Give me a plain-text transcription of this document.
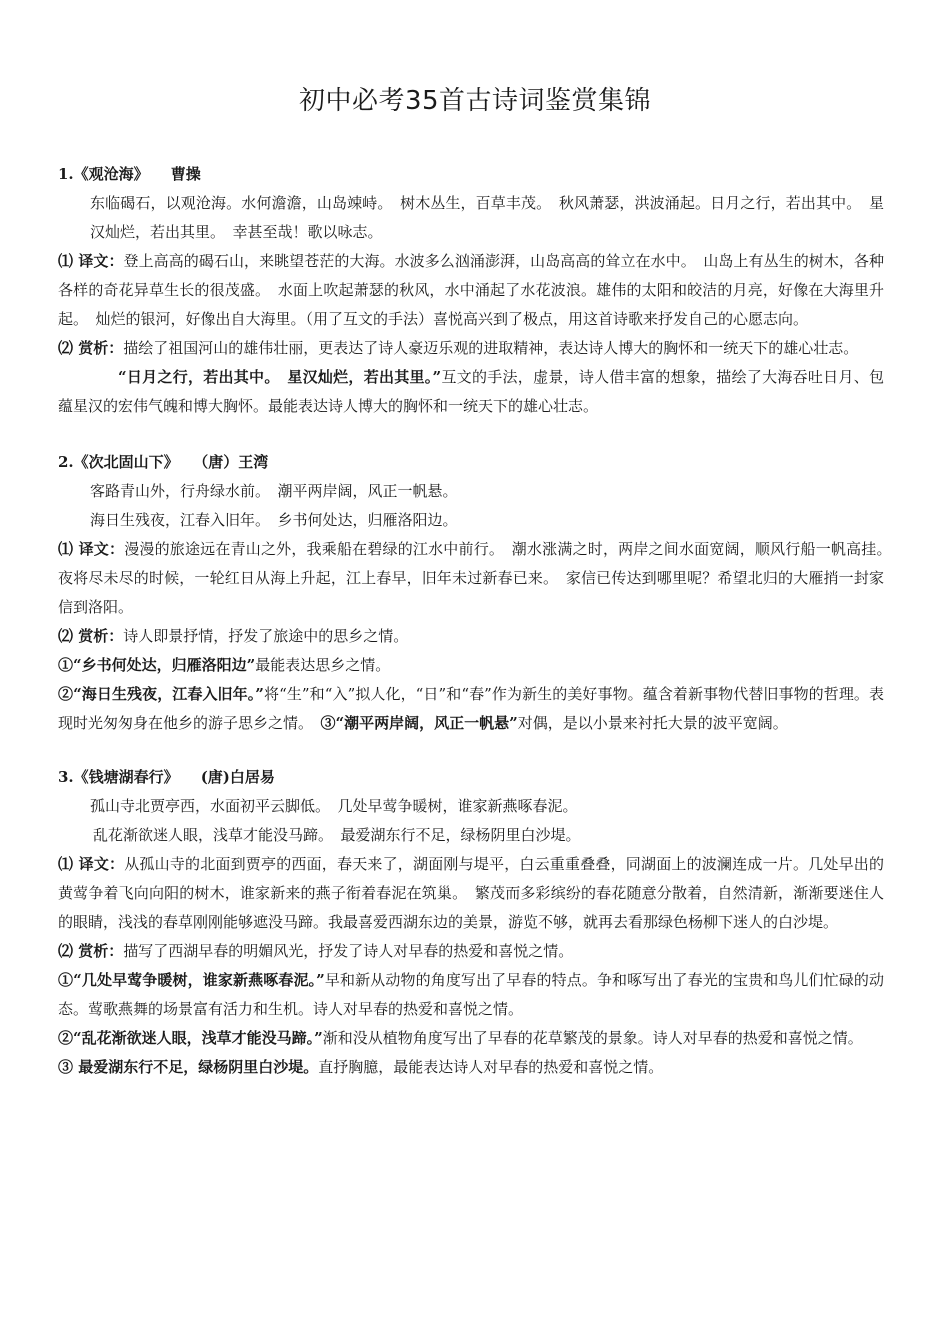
初中必考35首古诗词鉴赏集锦
1.《观沧海》 曹操

东临碣石，以观沧海。水何澹澹，山岛竦峙。　树木丛生，百草丰茂。　秋风萧瑟，洪波涌起。日月之行，若出其中。　星汉灿烂，若出其里。　幸甚至哉！歌以咏志。

⑴ 译文：登上高高的碣石山，来眺望苍茫的大海。水波多么汹涌澎湃，山岛高高的耸立在水中。　山岛上有丛生的树木，各种各样的奇花异草生长的很茂盛。　水面上吹起萧瑟的秋风，水中涌起了水花波浪。雄伟的太阳和皎洁的月亮，好像在大海里升起。　灿烂的银河，好像出自大海里。（用了互文的手法）喜悦高兴到了极点，用这首诗歌来抒发自己的心愿志向。

⑵ 赏析：描绘了祖国河山的雄伟壮丽，更表达了诗人豪迈乐观的进取精神，表达诗人博大的胸怀和一统天下的雄心壮志。

“日月之行，若出其中。　星汉灿烂，若出其里。”互文的手法，虚景，诗人借丰富的想象，描绘了大海吞吐日月、包蕴星汉的宏伟气魄和博大胸怀。最能表达诗人博大的胸怀和一统天下的雄心壮志。

2.《次北固山下》 （唐）王湾

客路青山外，行舟绿水前。　潮平两岸阔，风正一帆悬。

海日生残夜，江春入旧年。　乡书何处达，归雁洛阳边。

⑴ 译文：漫漫的旅途远在青山之外，我乘船在碧绿的江水中前行。　潮水涨满之时，两岸之间水面宽阔，顺风行船一帆高挂。　夜将尽未尽的时候，一轮红日从海上升起，江上春早，旧年未过新春已来。　家信已传达到哪里呢？希望北归的大雁捎一封家信到洛阳。

⑵ 赏析：诗人即景抒情，抒发了旅途中的思乡之情。

①“乡书何处达，归雁洛阳边”最能表达思乡之情。

②“海日生残夜，江春入旧年。”将“生”和“入”拟人化，“日”和“春”作为新生的美好事物。蕴含着新事物代替旧事物的哲理。表现时光匆匆身在他乡的游子思乡之情。　③“潮平两岸阔，风正一帆悬”对偶，是以小景来衬托大景的波平宽阔。

3.《钱塘湖春行》 (唐)白居易

孤山寺北贾亭西，水面初平云脚低。　几处早莺争暖树，谁家新燕啄春泥。

乱花渐欲迷人眼，浅草才能没马蹄。　最爱湖东行不足，绿杨阴里白沙堤。

⑴ 译文：从孤山寺的北面到贾亭的西面，春天来了，湖面刚与堤平，白云重重叠叠，同湖面上的波澜连成一片。几处早出的黄莺争着飞向向阳的树木，谁家新来的燕子衔着春泥在筑巢。　繁茂而多彩缤纷的春花随意分散着，自然清新，渐渐要迷住人的眼睛，浅浅的春草刚刚能够遮没马蹄。我最喜爱西湖东边的美景，游览不够，就再去看那绿色杨柳下迷人的白沙堤。

⑵ 赏析：描写了西湖早春的明媚风光，抒发了诗人对早春的热爱和喜悦之情。

①“几处早莺争暖树，谁家新燕啄春泥。”早和新从动物的角度写出了早春的特点。争和啄写出了春光的宝贵和鸟儿们忙碌的动态。莺歌燕舞的场景富有活力和生机。诗人对早春的热爱和喜悦之情。

②“乱花渐欲迷人眼，浅草才能没马蹄。”渐和没从植物角度写出了早春的花草繁茂的景象。诗人对早春的热爱和喜悦之情。

③ 最爱湖东行不足，绿杨阴里白沙堤。直抒胸臆，最能表达诗人对早春的热爱和喜悦之情。
